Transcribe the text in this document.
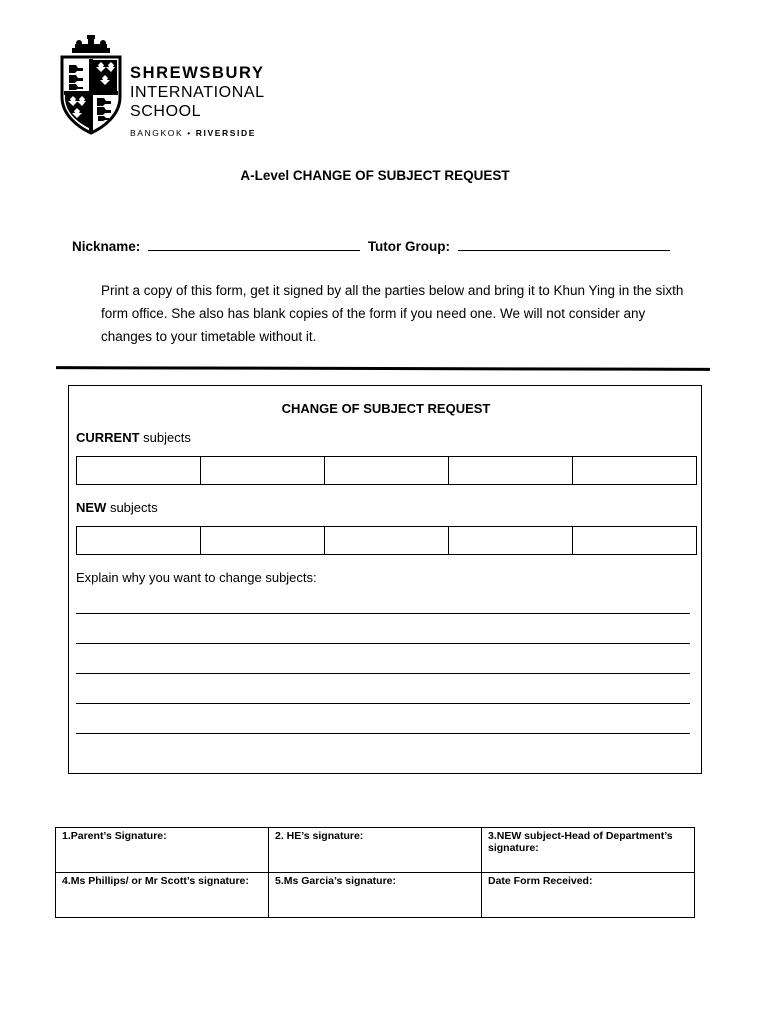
SHREWSBURY
INTERNATIONAL
SCHOOL
BANGKOK • RIVERSIDE
A-Level CHANGE OF SUBJECT REQUEST
Nickname:	Tutor Group:
Print a copy of this form, get it signed by all the parties below and bring it to Khun Ying in the sixth form office. She also has blank copies of the form if you need one. We will not consider any changes to your timetable without it.
CHANGE OF SUBJECT REQUEST
CURRENT subjects
NEW subjects
Explain why you want to change subjects:
1.Parent’s Signature:	2. HE’s signature:	3.NEW subject-Head of Department’s signature:
4.Ms Phillips/ or Mr Scott’s signature:	5.Ms Garcia’s signature:	Date Form Received:
